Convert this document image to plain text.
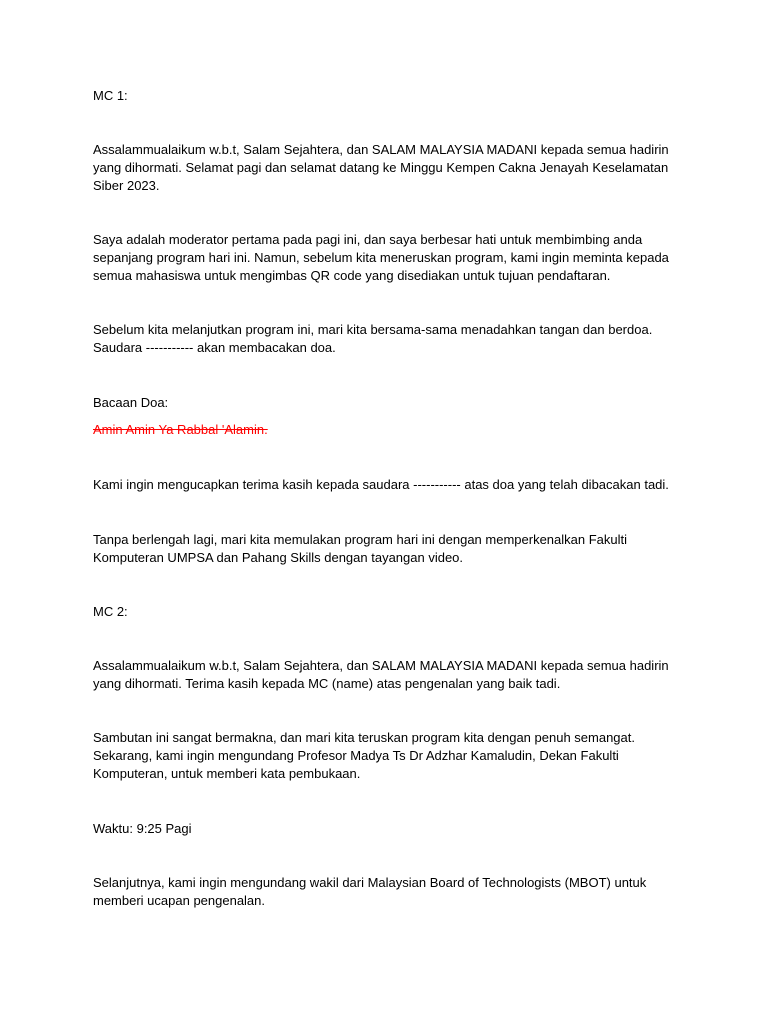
MC 1:

Assalammualaikum w.b.t, Salam Sejahtera, dan SALAM MALAYSIA MADANI kepada semua hadirin yang dihormati. Selamat pagi dan selamat datang ke Minggu Kempen Cakna Jenayah Keselamatan Siber 2023.

Saya adalah moderator pertama pada pagi ini, dan saya berbesar hati untuk membimbing anda sepanjang program hari ini. Namun, sebelum kita meneruskan program, kami ingin meminta kepada semua mahasiswa untuk mengimbas QR code yang disediakan untuk tujuan pendaftaran.

Sebelum kita melanjutkan program ini, mari kita bersama-sama menadahkan tangan dan berdoa. Saudara ----------- akan membacakan doa.

Bacaan Doa:

Amin Amin Ya Rabbal 'Alamin.

Kami ingin mengucapkan terima kasih kepada saudara ----------- atas doa yang telah dibacakan tadi.

Tanpa berlengah lagi, mari kita memulakan program hari ini dengan memperkenalkan Fakulti Komputeran UMPSA dan Pahang Skills dengan tayangan video.

MC 2:

Assalammualaikum w.b.t, Salam Sejahtera, dan SALAM MALAYSIA MADANI kepada semua hadirin yang dihormati. Terima kasih kepada MC (name) atas pengenalan yang baik tadi.

Sambutan ini sangat bermakna, dan mari kita teruskan program kita dengan penuh semangat. Sekarang, kami ingin mengundang Profesor Madya Ts Dr Adzhar Kamaludin, Dekan Fakulti Komputeran, untuk memberi kata pembukaan.

Waktu: 9:25 Pagi

Selanjutnya, kami ingin mengundang wakil dari Malaysian Board of Technologists (MBOT) untuk memberi ucapan pengenalan.
